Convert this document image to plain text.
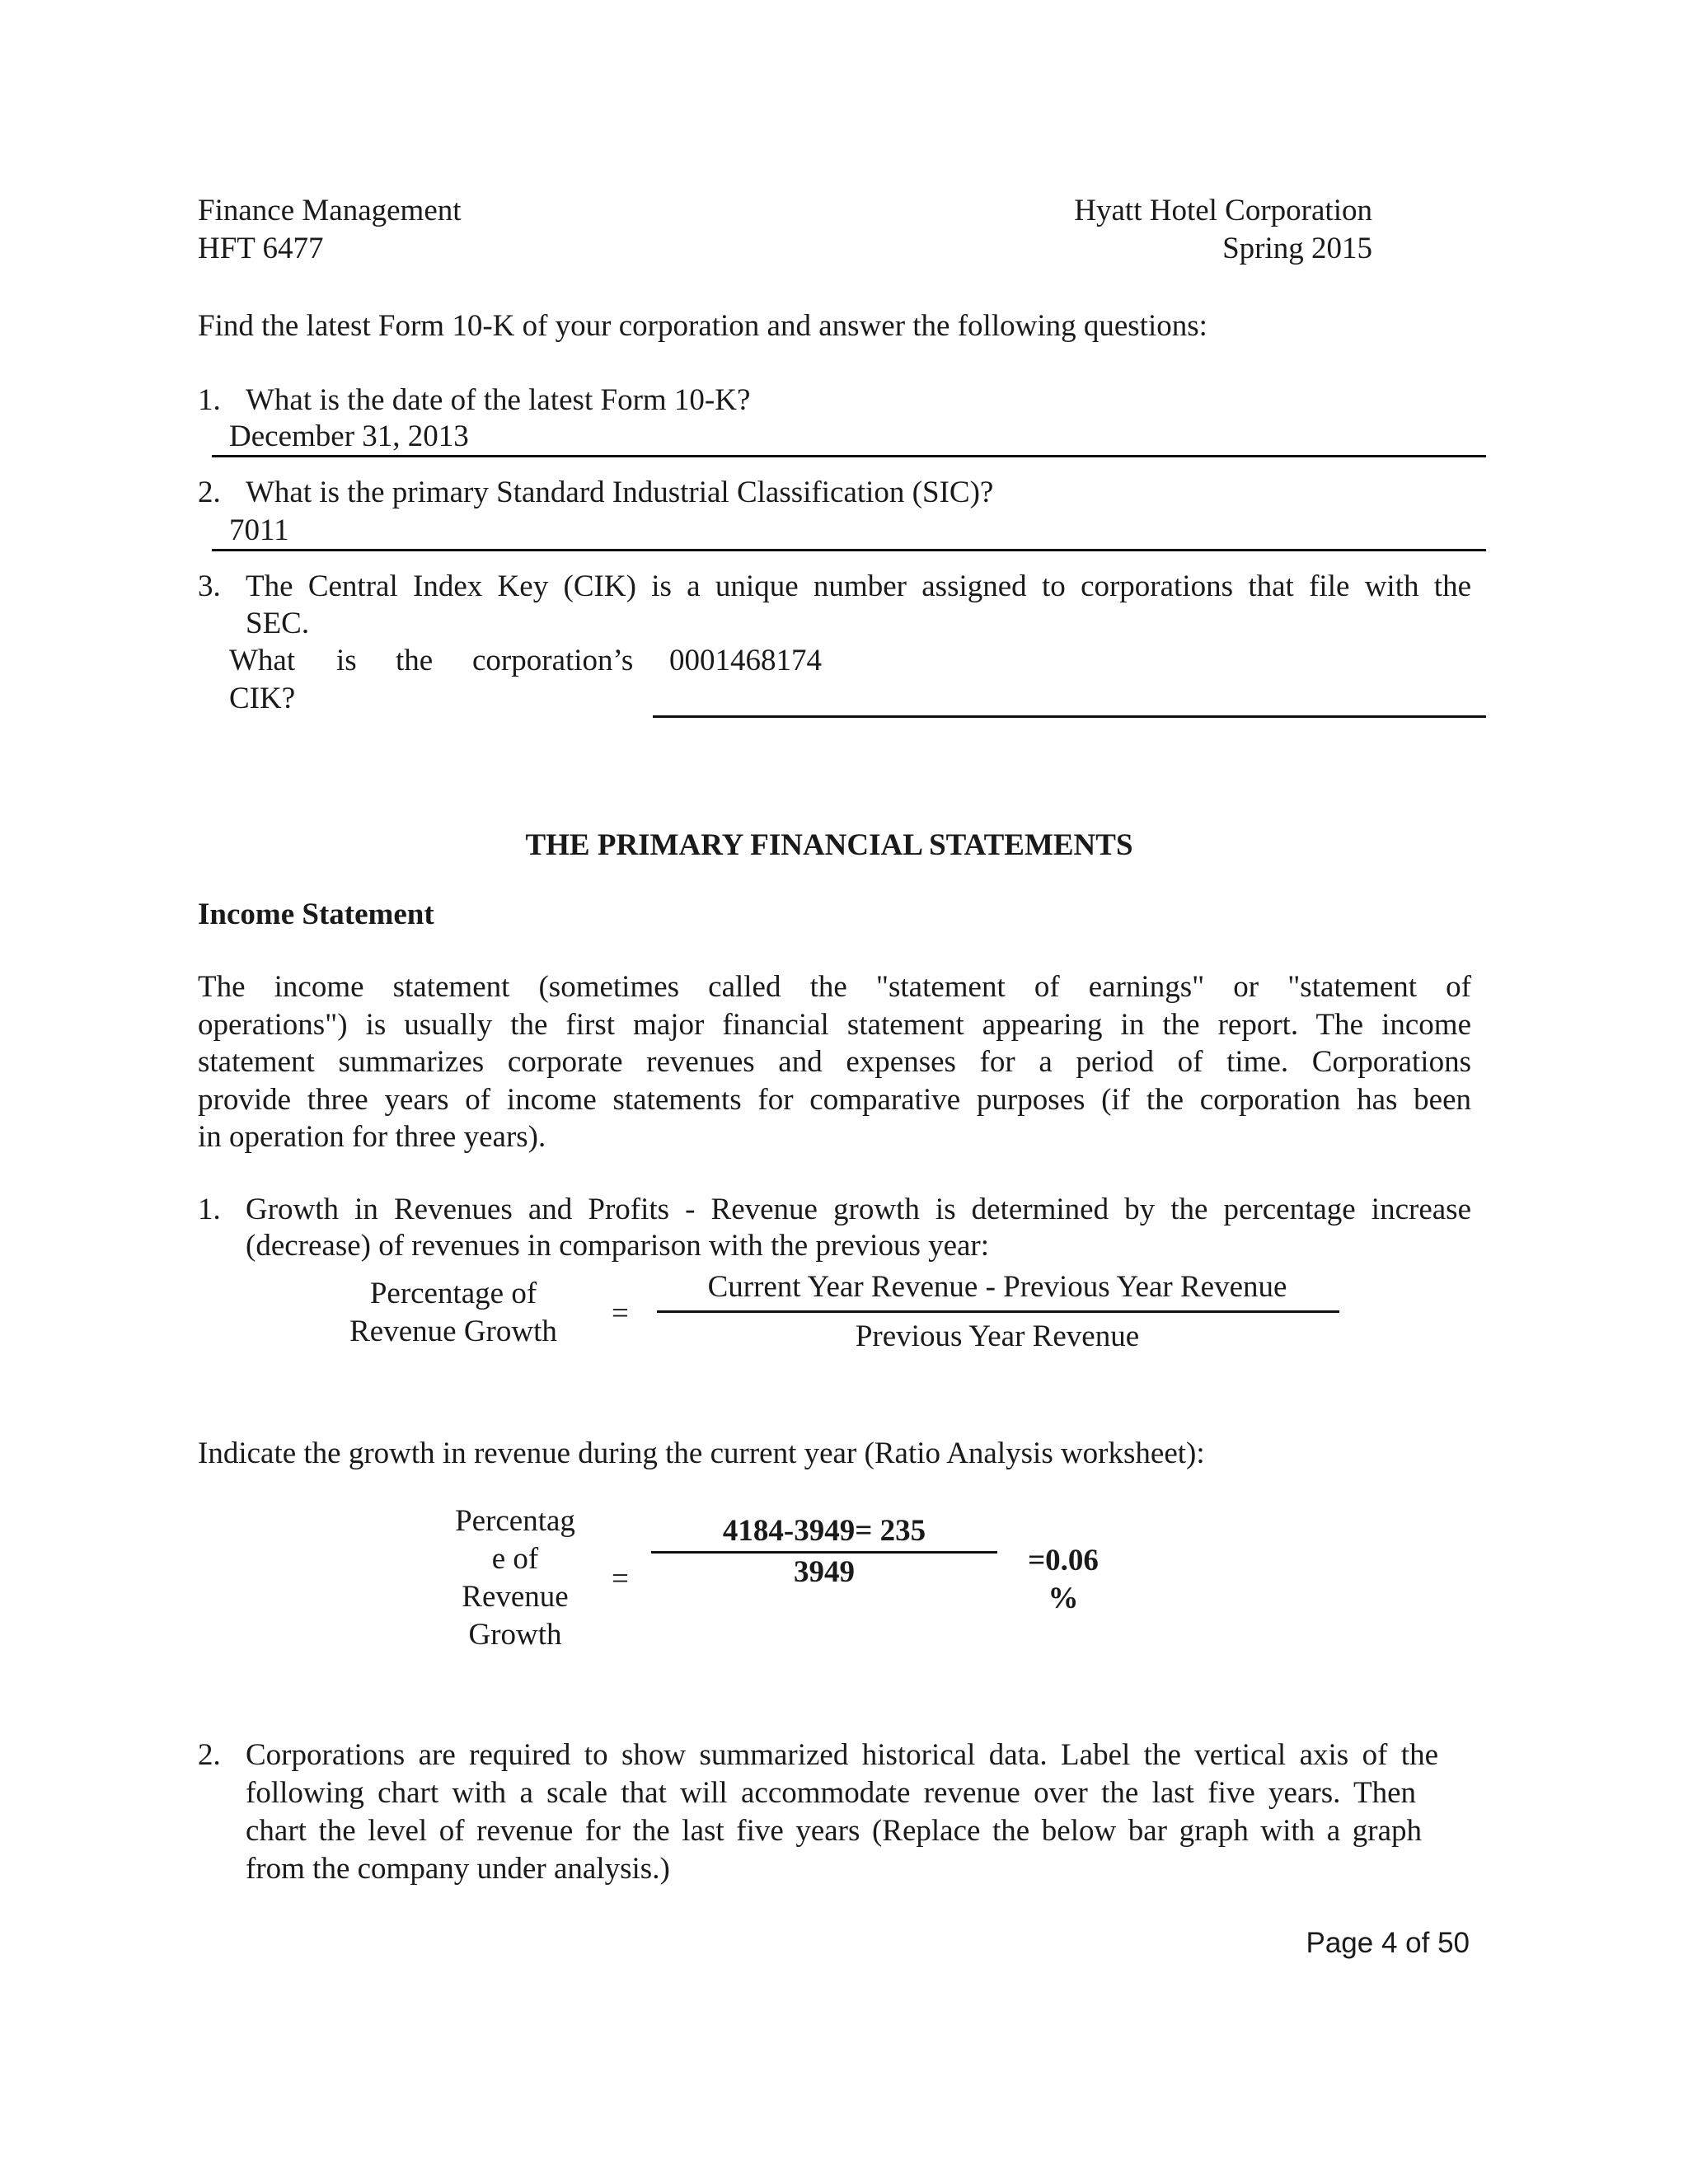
Finance Management
HFT 6477
Hyatt Hotel Corporation
Spring 2015
Find the latest Form 10-K of your corporation and answer the following questions:
1. What is the date of the latest Form 10-K?
December 31, 2013
2. What is the primary Standard Industrial Classification (SIC)?
7011
3. The Central Index Key (CIK) is a unique number assigned to corporations that file with the
SEC.
What is the corporation’s
CIK?
0001468174
THE PRIMARY FINANCIAL STATEMENTS
Income Statement
The income statement (sometimes called the "statement of earnings" or "statement of
operations") is usually the first major financial statement appearing in the report. The income
statement summarizes corporate revenues and expenses for a period of time. Corporations
provide three years of income statements for comparative purposes (if the corporation has been
in operation for three years).
1. Growth in Revenues and Profits - Revenue growth is determined by the percentage increase
(decrease) of revenues in comparison with the previous year:
Percentage of
Revenue Growth
=
Current Year Revenue - Previous Year Revenue
Previous Year Revenue
Indicate the growth in revenue during the current year (Ratio Analysis worksheet):
Percentag
e of
Revenue
Growth
=
4184-3949= 235
3949	=0.06
%
2. Corporations are required to show summarized historical data. Label the vertical axis of the
following chart with a scale that will accommodate revenue over the last five years. Then
chart the level of revenue for the last five years (Replace the below bar graph with a graph
from the company under analysis.)
Page 4 of 50
